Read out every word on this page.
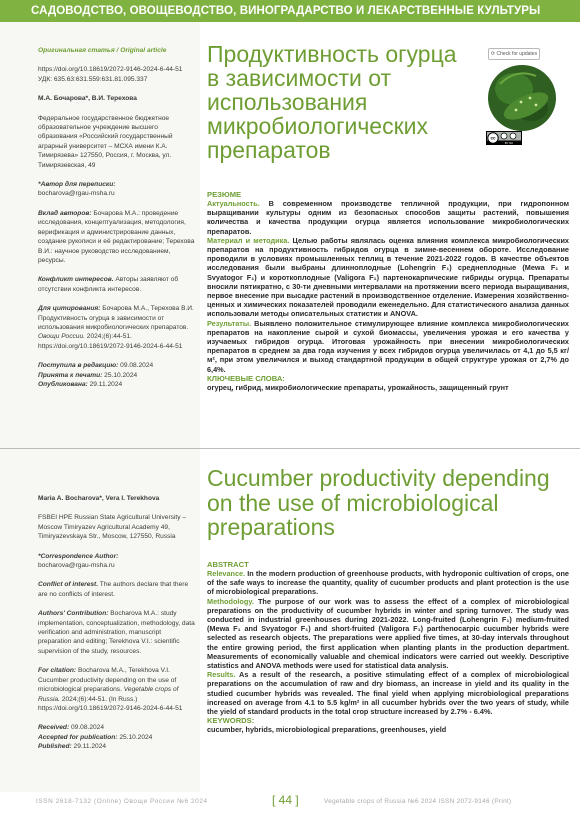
САДОВОДСТВО, ОВОЩЕВОДСТВО, ВИНОГРАДАРСТВО И ЛЕКАРСТВЕННЫЕ КУЛЬТУРЫ
Оригинальная статья / Original article
https://doi.org/10.18619/2072-9146-2024-6-44-51
УДК: 635.63:631.559:631.81.095.337
М.А. Бочарова*, В.И. Терехова
Федеральное государственное бюджетное образовательное учреждение высшего образования «Российский государственный аграрный университет – МСХА имени К.А. Тимирязева» 127550, Россия, г. Москва, ул. Тимирязевская, 49
*Автор для переписки:
bocharova@rgau-msha.ru
Вклад авторов: Бочарова М.А.: проведение исследования, концептуализация, методология, верификация и администрирование данных, создание рукописи и её редактирование; Терехова В.И.: научное руководство исследованием, ресурсы.
Конфликт интересов. Авторы заявляют об отсутствии конфликта интересов.
Для цитирования: Бочарова М.А., Терехова В.И. Продуктивность огурца в зависимости от использования микробиологических препаратов. Овощи России. 2024;(6):44-51. https://doi.org/10.18619/2072-9146-2024-6-44-51
Поступила в редакцию: 09.08.2024
Принята к печати: 25.10.2024
Опубликована: 29.11.2024
Maria A. Bocharova*, Vera I. Terekhova
FSBEI HPE Russian State Agricultural University – Moscow Timiryazev Agricultural Academy 49, Timiryazevskaya Str., Moscow, 127550, Russia
*Correspondence Author:
bocharova@rgau-msha.ru
Conflict of interest. The authors declare that there are no conflicts of interest.
Authors' Contribution: Bocharova M.A.: study implementation, conceptualization, methodology, data verification and administration, manuscript preparation and editing; Terekhova V.I.: scientific supervision of the study, resources.
For citation: Bocharova M.A., Terekhova V.I. Cucumber productivity depending on the use of microbiological preparations. Vegetable crops of Russia. 2024;(6):44-51. (In Russ.) https://doi.org/10.18619/2072-9146-2024-6-44-51
Received: 09.08.2024
Accepted for publication: 25.10.2024
Published: 29.11.2024
Продуктивность огурца в зависимости от использования микробиологических препаратов
⟳ Check for updates
cc
BY NC
РЕЗЮМЕ
Актуальность. В современном производстве тепличной продукции, при гидропонном выращивании культуры одним из безопасных способов защиты растений, повышения количества и качества продукции огурца является использование микробиологических препаратов.
Материал и методика. Целью работы являлась оценка влияния комплекса микробиологических препаратов на продуктивность гибридов огурца в зимне-весеннем обороте. Исследование проводили в условиях промышленных теплиц в течение 2021-2022 годов. В качестве объектов исследования были выбраны длинноплодные (Lohengrin F₁) среднеплодные (Mewa F₁ и Svyatogor F₁) и короткоплодные (Valigora F₁) партенокарпические гибриды огурца. Препараты вносили пятикратно, с 30-ти дневными интервалами на протяжении всего периода выращивания, первое внесение при высадке растений в производственное отделение. Измерения хозяйственно-ценных и химических показателей проводили еженедельно. Для статистического анализа данных использовали методы описательных статистик и ANOVA.
Результаты. Выявлено положительное стимулирующее влияние комплекса микробиологических препаратов на накопление сырой и сухой биомассы, увеличения урожая и его качества у изучаемых гибридов огурца. Итоговая урожайность при внесении микробиологических препаратов в среднем за два года изучения у всех гибридов огурца увеличилась от 4,1 до 5,5 кг/м², при этом увеличился и выход стандартной продукции в общей структуре урожая от 2,7% до 6,4%.
КЛЮЧЕВЫЕ СЛОВА:
огурец, гибрид, микробиологические препараты, урожайность, защищенный грунт
Cucumber productivity depending on the use of microbiological preparations
ABSTRACT
Relevance. In the modern production of greenhouse products, with hydroponic cultivation of crops, one of the safe ways to increase the quantity, quality of cucumber products and plant protection is the use of microbiological preparations.
Methodology. The purpose of our work was to assess the effect of a complex of microbiological preparations on the productivity of cucumber hybrids in winter and spring turnover. The study was conducted in industrial greenhouses during 2021-2022. Long-fruited (Lohengrin F₁) medium-fruited (Mewa F₁ and Svyatogor F₁) and short-fruited (Valigora F₁) parthenocarpic cucumber hybrids were selected as research objects. The preparations were applied five times, at 30-day intervals throughout the entire growing period, the first application when planting plants in the production department. Measurements of economically valuable and chemical indicators were carried out weekly. Descriptive statistics and ANOVA methods were used for statistical data analysis.
Results. As a result of the research, a positive stimulating effect of a complex of microbiological preparations on the accumulation of raw and dry biomass, an increase in yield and its quality in the studied cucumber hybrids was revealed. The final yield when applying microbiological preparations increased on average from 4.1 to 5.5 kg/m² in all cucumber hybrids over the two years of study, while the yield of standard products in the total crop structure increased by 2.7% - 6.4%.
KEYWORDS:
cucumber, hybrids, microbiological preparations, greenhouses, yield
ISSN 2618-7132 (Online) Овощи России №6 2024	[ 44 ]	Vegetable crops of Russia №6 2024 ISSN 2072-9146 (Print)
